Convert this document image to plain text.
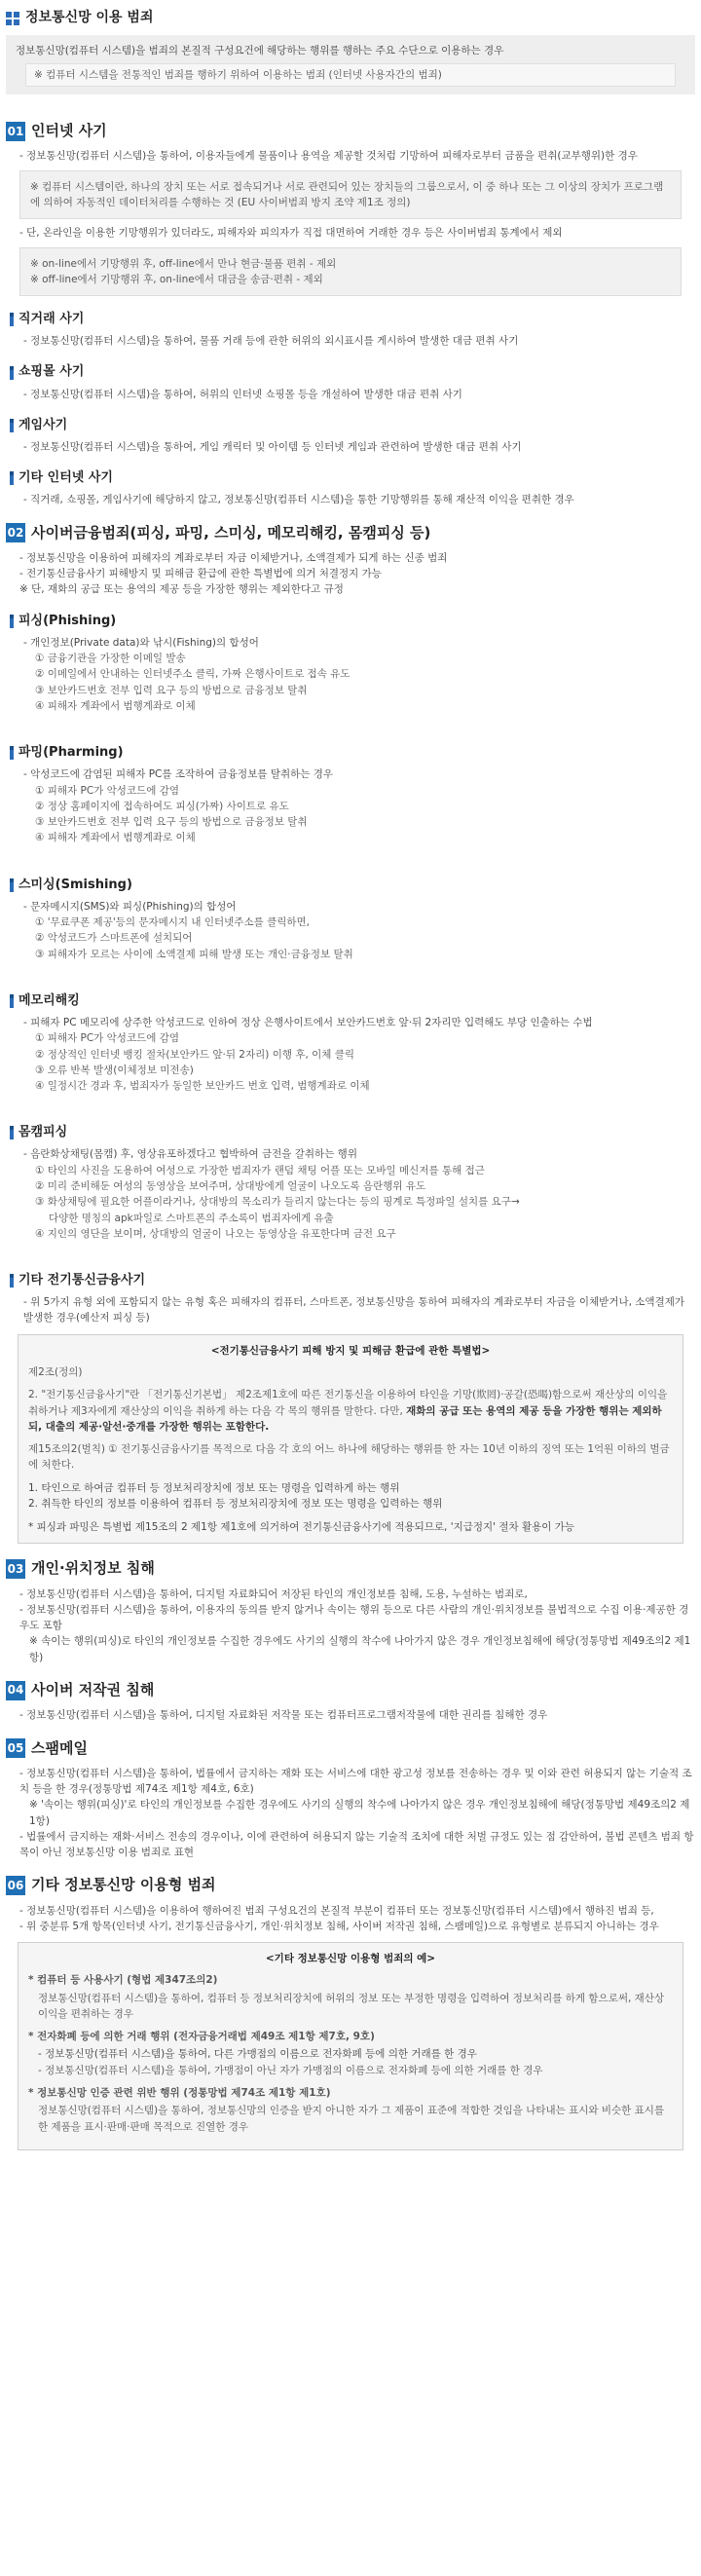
정보통신망 이용 범죄

정보통신망(컴퓨터 시스템)을 범죄의 본질적 구성요건에 해당하는 행위를 행하는 주요 수단으로 이용하는 경우

※ 컴퓨터 시스템을 전통적인 범죄를 행하기 위하여 이용하는 범죄 (인터넷 사용자간의 범죄)
01 인터넷 사기
- 정보통신망(컴퓨터 시스템)을 통하여, 이용자들에게 물품이나 용역을 제공할 것처럼 기망하여 피해자로부터 금품을 편취(교부행위)한 경우
※ 컴퓨터 시스템이란, 하나의 장치 또는 서로 접속되거나 서로 관련되어 있는 장치들의 그룹으로서, 이 중 하나 또는 그 이상의 장치가 프로그램에 의하여 자동적인 데이터처리를 수행하는 것 (EU 사이버범죄 방지 조약 제1조 정의)
- 단, 온라인을 이용한 기망행위가 있더라도, 피해자와 피의자가 직접 대면하여 거래한 경우 등은 사이버범죄 통계에서 제외
※ on-line에서 기망행위 후, off-line에서 만나 현금·물품 편취 - 제외
※ off-line에서 기망행위 후, on-line에서 대금을 송금·편취 - 제외
직거래 사기
- 정보통신망(컴퓨터 시스템)을 통하여, 물품 거래 등에 관한 허위의 외시표시를 게시하여 발생한 대금 편취 사기
쇼핑몰 사기
- 정보통신망(컴퓨터 시스템)을 통하여, 허위의 인터넷 쇼핑몰 등을 개설하여 발생한 대금 편취 사기
게임사기
- 정보통신망(컴퓨터 시스템)을 통하여, 게임 캐릭터 및 아이템 등 인터넷 게임과 관련하여 발생한 대금 편취 사기
기타 인터넷 사기
- 직거래, 쇼핑몰, 게임사기에 해당하지 않고, 정보통신망(컴퓨터 시스템)을 통한 기망행위를 통해 재산적 이익을 편취한 경우
02 사이버금융범죄(피싱, 파밍, 스미싱, 메모리해킹, 몸캠피싱 등)
- 정보통신망을 이용하여 피해자의 계좌로부터 자금 이체받거나, 소액결제가 되게 하는 신종 범죄
- 전기통신금융사기 피해방지 및 피해금 환급에 관한 특별법에 의거 처결정지 가능
※ 단, 재화의 공급 또는 용역의 제공 등을 가장한 행위는 제외한다고 규정
피싱(Phishing)
- 개인정보(Private data)와 낚시(Fishing)의 합성어
① 금융기관을 가장한 이메일 발송
② 이메일에서 안내하는 인터넷주소 클릭, 가짜 은행사이트로 접속 유도
③ 보안카드번호 전부 입력 요구 등의 방법으로 금융정보 탈취
④ 피해자 계좌에서 범행계좌로 이체
파밍(Pharming)
- 악성코드에 감염된 피해자 PC를 조작하여 금융정보를 탈취하는 경우
① 피해자 PC가 악성코드에 감염
② 정상 홈페이지에 접속하여도 피싱(가짜) 사이트로 유도
③ 보안카드번호 전부 입력 요구 등의 방법으로 금융정보 탈취
④ 피해자 계좌에서 범행계좌로 이체
스미싱(Smishing)
- 문자메시지(SMS)와 피싱(Phishing)의 합성어
① '무료쿠폰 제공'등의 문자메시지 내 인터넷주소를 클릭하면,
② 악성코드가 스마트폰에 설치되어
③ 피해자가 모르는 사이에 소액결제 피해 발생 또는 개인·금융정보 탈취
메모리해킹
- 피해자 PC 메모리에 상주한 악성코드로 인하여 정상 은행사이트에서 보안카드번호 앞·뒤 2자리만 입력해도 부당 인출하는 수법
① 피해자 PC가 악성코드에 감염
② 정상적인 인터넷 뱅킹 절차(보안카드 앞·뒤 2자리) 이행 후, 이체 클릭
③ 오류 반복 발생(이체정보 미전송)
④ 일정시간 경과 후, 범죄자가 동일한 보안카드 번호 입력, 범행계좌로 이체
몸캠피싱
- 음란화상채팅(몸캠) 후, 영상유포하겠다고 협박하여 금전을 갈취하는 행위
① 타인의 사진을 도용하여 여성으로 가장한 범죄자가 랜덤 채팅 어플 또는 모바일 메신저를 통해 접근
② 미리 준비해둔 여성의 동영상을 보여주며, 상대방에게 얼굴이 나오도록 음란행위 유도
③ 화상채팅에 필요한 어플이라거나, 상대방의 목소리가 들리지 않는다는 등의 핑계로 특정파일 설치를 요구→
다양한 명칭의 apk파일로 스마트폰의 주소록이 범죄자에게 유출
④ 지인의 영단을 보이며, 상대방의 얼굴이 나오는 동영상을 유포한다며 금전 요구
기타 전기통신금융사기
- 위 5가지 유형 외에 포함되지 않는 유형 혹은 피해자의 컴퓨터, 스마트폰, 정보통신망을 통하여 피해자의 계좌로부터 자금을 이체받거나, 소액결제가 발생한 경우(예산저 피싱 등)
<전기통신금융사기 피해 방지 및 피해금 환급에 관한 특별법>

제2조(정의)

2. "전기통신금융사기"란 「전기통신기본법」 제2조제1호에 따른 전기통신을 이용하여 타인을 기망(欺罔)·공갈(恐喝)함으로써 재산상의 이익을 취하거나 제3자에게 재산상의 이익을 취하게 하는 다음 각 목의 행위를 말한다. 다만, 재화의 공급 또는 용역의 제공 등을 가장한 행위는 제외하되, 대출의 제공·알선·중개를 가장한 행위는 포함한다.

제15조의2(벌칙) ① 전기통신금융사기를 목적으로 다음 각 호의 어느 하나에 해당하는 행위를 한 자는 10년 이하의 징역 또는 1억원 이하의 벌금에 처한다.

1. 타인으로 하여금 컴퓨터 등 정보처리장치에 정보 또는 명령을 입력하게 하는 행위
2. 취득한 타인의 정보를 이용하여 컴퓨터 등 정보처리장치에 정보 또는 명령을 입력하는 행위
* 피싱과 파밍은 특별법 제15조의 2 제1항 제1호에 의거하여 전기통신금융사기에 적용되므로, '지급정지' 절차 활용이 가능
03 개인·위치정보 침해
- 정보통신망(컴퓨터 시스템)을 통하여, 디지털 자료화되어 저장된 타인의 개인정보를 침해, 도용, 누설하는 범죄로,
- 정보통신망(컴퓨터 시스템)을 통하여, 이용자의 동의를 받지 않거나 속이는 행위 등으로 다른 사람의 개인·위치정보를 불법적으로 수집 이용·제공한 경우도 포함
※ 속이는 행위(피싱)로 타인의 개인정보를 수집한 경우에도 사기의 실행의 착수에 나아가지 않은 경우 개인정보침해에 해당(정통망법 제49조의2 제1항)
04 사이버 저작권 침해
- 정보통신망(컴퓨터 시스템)을 통하여, 디지털 자료화된 저작물 또는 컴퓨터프로그램저작물에 대한 권리를 침해한 경우
05 스팸메일
- 정보통신망(컴퓨터 시스템)을 통하여, 법률에서 금지하는 재화 또는 서비스에 대한 광고성 정보를 전송하는 경우 및 이와 관련 허용되지 않는 기술적 조치 등을 한 경우(정통망법 제74조 제1항 제4호, 6호)
※ '속이는 행위(피싱)'로 타인의 개인정보를 수집한 경우에도 사기의 실행의 착수에 나아가지 않은 경우 개인정보침해에 해당(정통망법 제49조의2 제1항)
- 법률에서 금지하는 재화·서비스 전송의 경우이나, 이에 관련하여 허용되지 않는 기술적 조치에 대한 처벌 규정도 있는 점 감안하여, 불법 콘텐츠 범죄 항목이 아닌 정보통신망 이용 범죄로 표현
06 기타 정보통신망 이용형 범죄
- 정보통신망(컴퓨터 시스템)을 이용하여 행하여진 범죄 구성요건의 본질적 부분이 컴퓨터 또는 정보통신망(컴퓨터 시스템)에서 행하진 범죄 등,
- 위 중분류 5개 항목(인터넷 사기, 전기통신금융사기, 개인·위치정보 침해, 사이버 저작권 침해, 스팸메일)으로 유형별로 분류되지 아니하는 경우
<기타 정보통신망 이용형 범죄의 예>

* 컴퓨터 등 사용사기 (형법 제347조의2)

정보통신망(컴퓨터 시스템)을 통하여, 컴퓨터 등 정보처리장치에 허위의 정보 또는 부정한 명령을 입력하여 정보처리를 하게 함으로써, 재산상 이익을 편취하는 경우

* 전자화폐 등에 의한 거래 행위 (전자금융거래법 제49조 제1항 제7호, 9호)

- 정보통신망(컴퓨터 시스템)을 통하여, 다른 가맹점의 이름으로 전자화폐 등에 의한 거래를 한 경우

- 정보통신망(컴퓨터 시스템)을 통하여, 가맹점이 아닌 자가 가맹점의 이름으로 전자화폐 등에 의한 거래를 한 경우

* 정보통신망 인증 관련 위반 행위 (정통망법 제74조 제1항 제1호)

정보통신망(컴퓨터 시스템)을 통하여, 정보통신망의 인증을 받지 아니한 자가 그 제품이 표준에 적합한 것임을 나타내는 표시와 비슷한 표시를 한 제품을 표시·판매·판매 목적으로 진열한 경우
